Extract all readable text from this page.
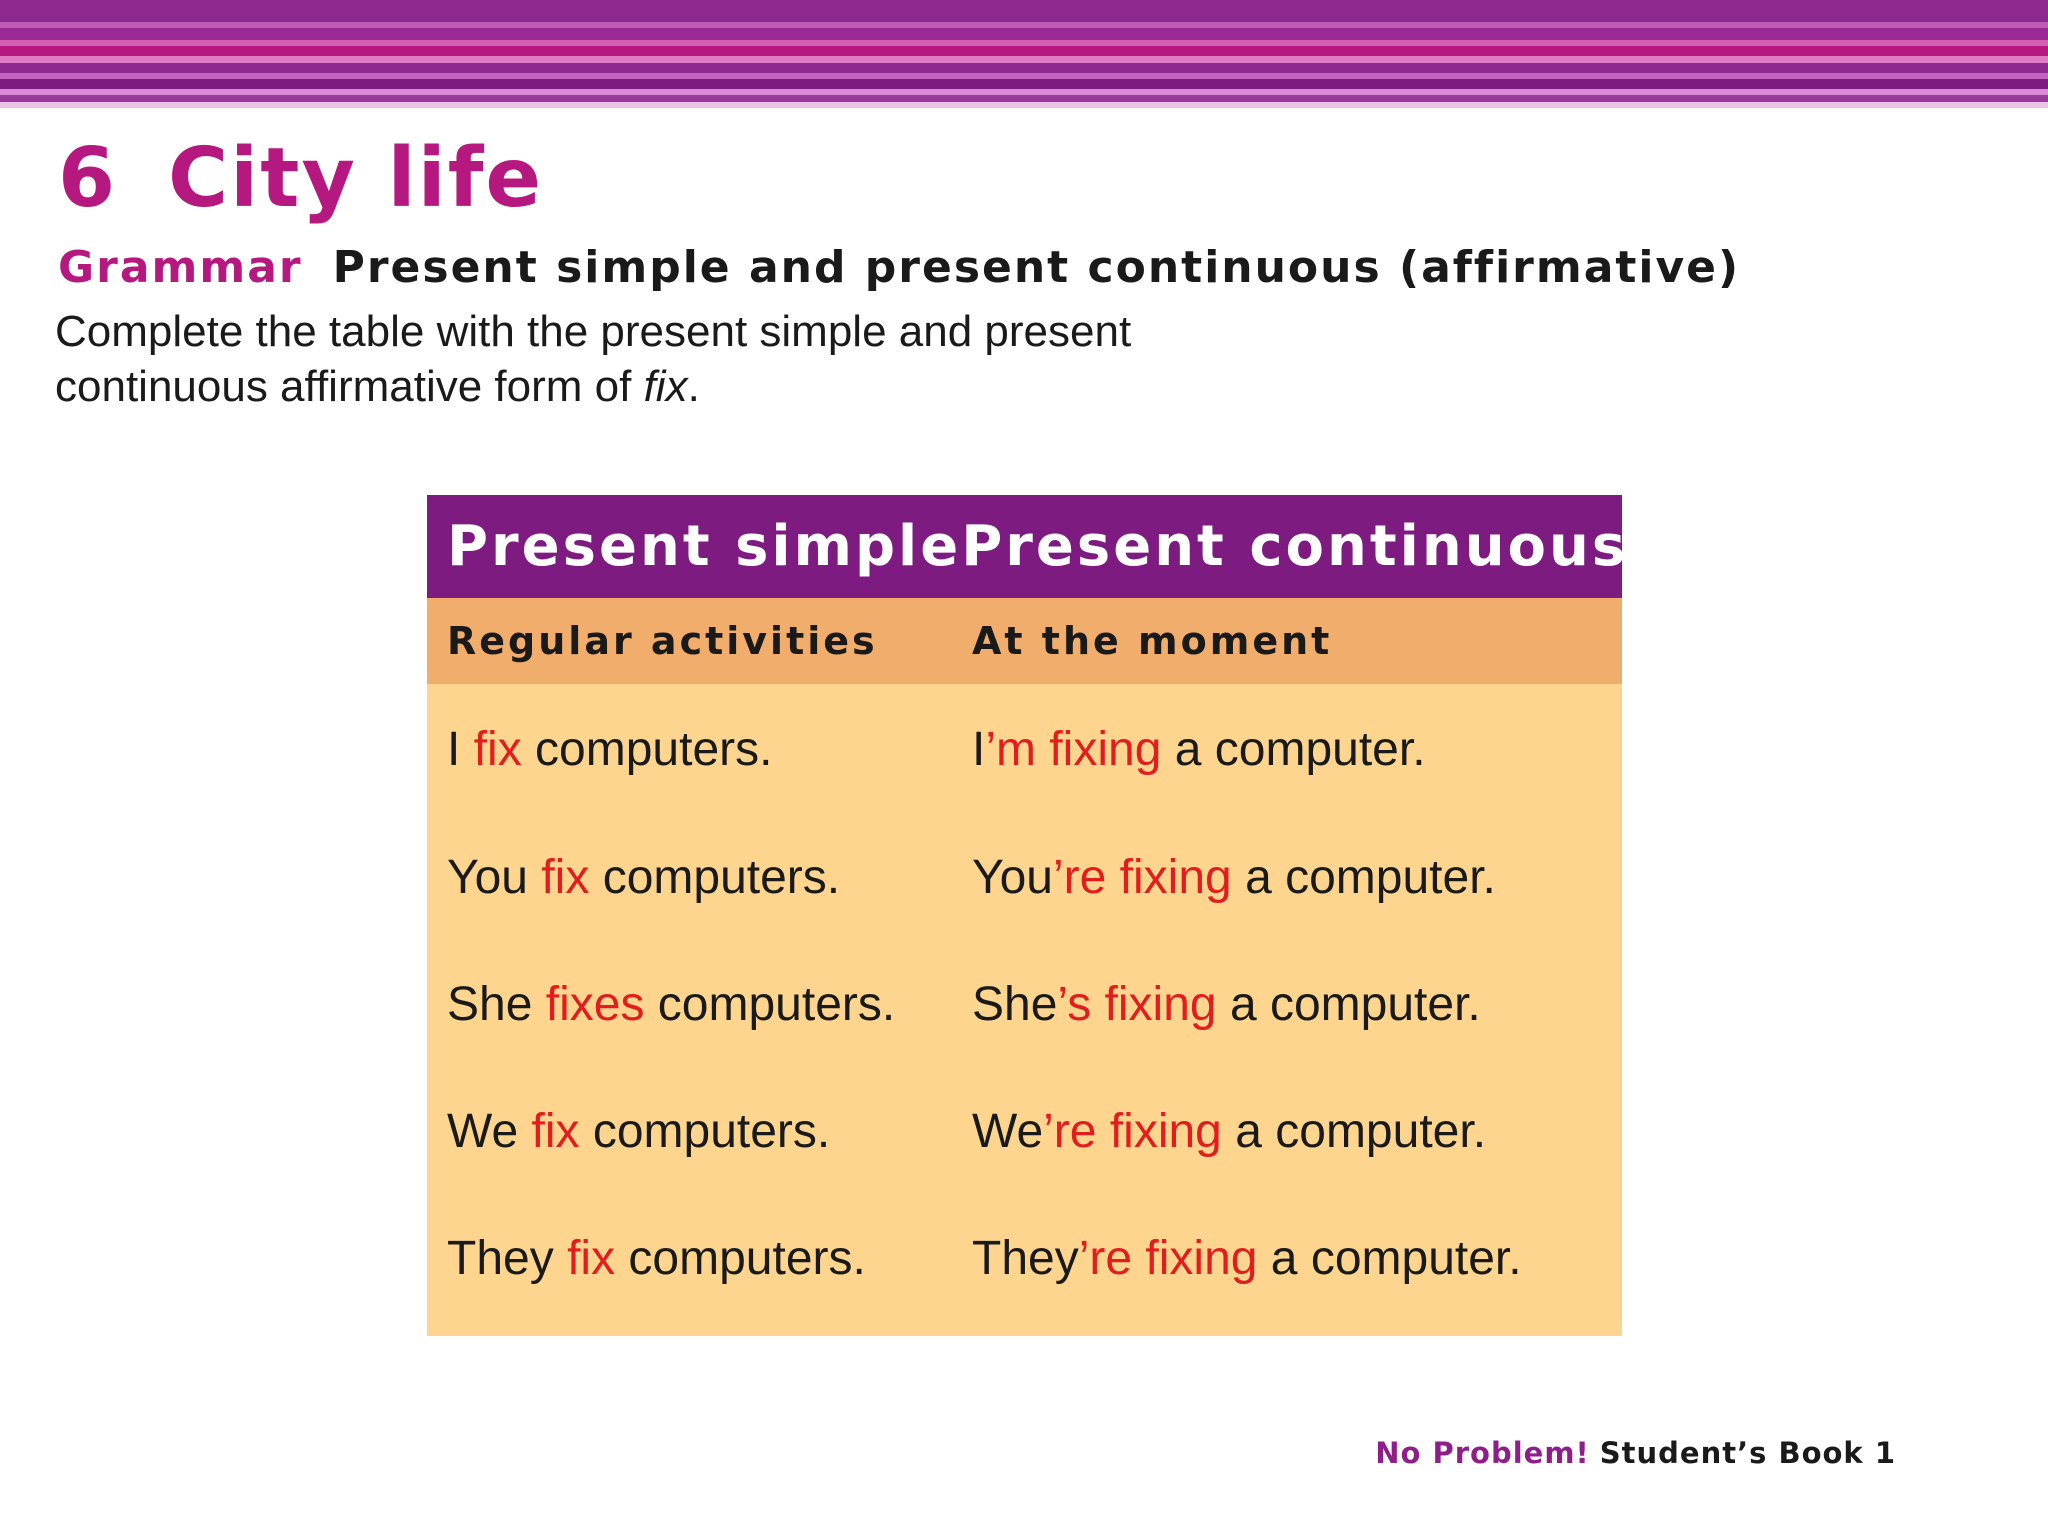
6 City life
Grammar Present simple and present continuous (affirmative)
Complete the table with the present simple and present continuous affirmative form of fix.
Present simple Present continuous
Regular activities	At the moment
I fix computers.	I’m fixing a computer.
You fix computers.	You’re fixing a computer.
She fixes computers.	She’s fixing a computer.
We fix computers.	We’re fixing a computer.
They fix computers.	They’re fixing a computer.
No Problem! Student’s Book 1
